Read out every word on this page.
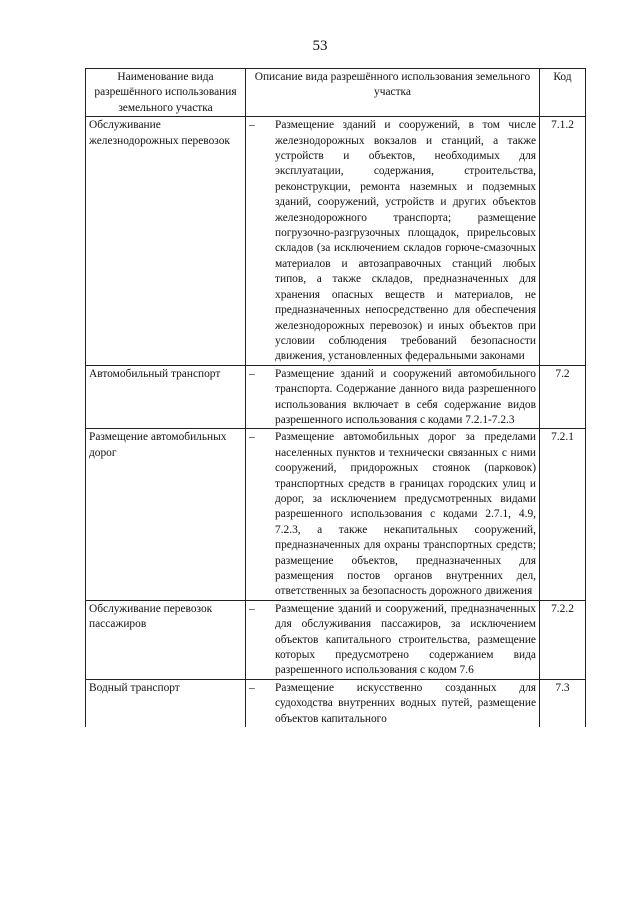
53
Наименование вида разрешённого использования земельного участка	Описание вида разрешённого использования земельного участка	Код
Обслуживание железнодорожных перевозок	– Размещение зданий и сооружений, в том числе железнодорожных вокзалов и станций, а также устройств и объектов, необходимых для эксплуатации, содержания, строительства, реконструкции, ремонта наземных и подземных зданий, сооружений, устройств и других объектов железнодорожного транспорта; размещение погрузочно-разгрузочных площадок, прирельсовых складов (за исключением складов горюче-смазочных материалов и автозаправочных станций любых типов, а также складов, предназначенных для хранения опасных веществ и материалов, не предназначенных непосредственно для обеспечения железнодорожных перевозок) и иных объектов при условии соблюдения требований безопасности движения, установленных федеральными законами	7.1.2
Автомобильный транспорт	– Размещение зданий и сооружений автомобильного транспорта. Содержание данного вида разрешенного использования включает в себя содержание видов разрешенного использования с кодами 7.2.1-7.2.3	7.2
Размещение автомобильных дорог	– Размещение автомобильных дорог за пределами населенных пунктов и технически связанных с ними сооружений, придорожных стоянок (парковок) транспортных средств в границах городских улиц и дорог, за исключением предусмотренных видами разрешенного использования с кодами 2.7.1, 4.9, 7.2.3, а также некапитальных сооружений, предназначенных для охраны транспортных средств; размещение объектов, предназначенных для размещения постов органов внутренних дел, ответственных за безопасность дорожного движения	7.2.1
Обслуживание перевозок пассажиров	– Размещение зданий и сооружений, предназначенных для обслуживания пассажиров, за исключением объектов капитального строительства, размещение которых предусмотрено содержанием вида разрешенного использования с кодом 7.6	7.2.2
Водный транспорт	– Размещение искусственно созданных для судоходства внутренних водных путей, размещение объектов капитального	7.3
